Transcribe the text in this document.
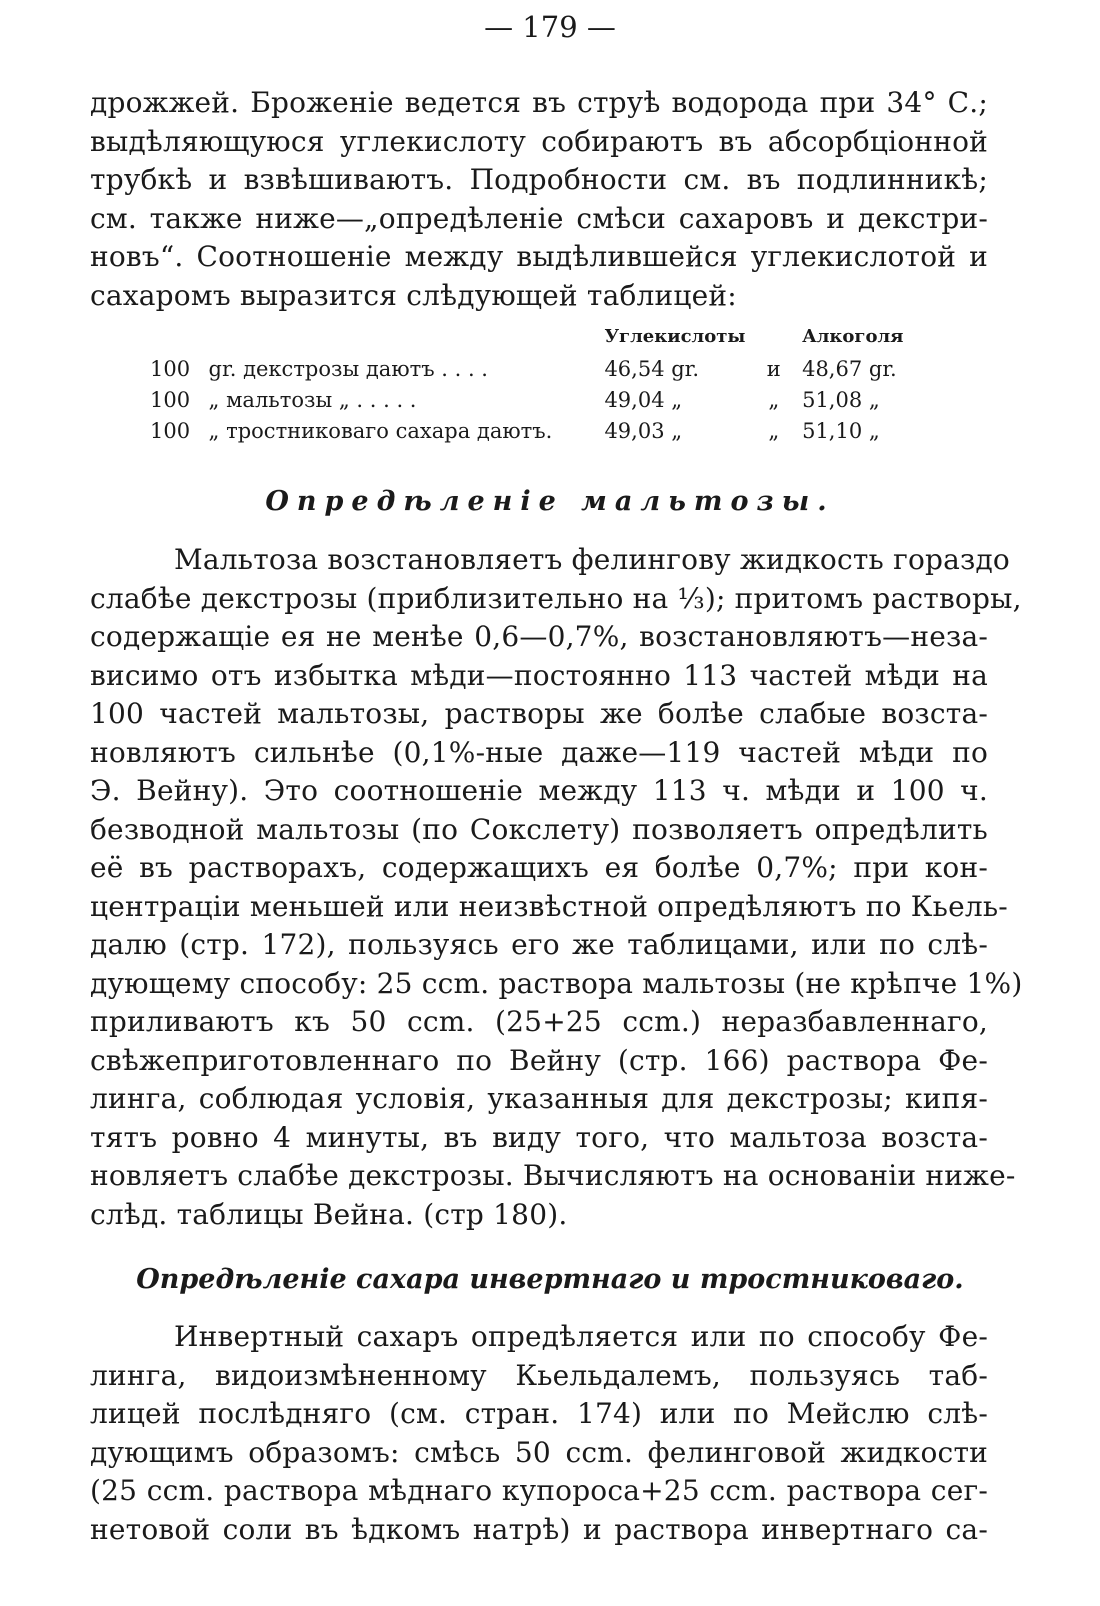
— 179 —
дрожжей. Броженіе ведется въ струѣ водорода при 34° С.;
выдѣляющуюся углекислоту собираютъ въ абсорбціонной
трубкѣ и взвѣшиваютъ. Подробности см. въ подлинникѣ;
см. также ниже—„опредѣленіе смѣси сахаровъ и декстри-
новъ“. Соотношеніе между выдѣлившейся углекислотой и
сахаромъ выразится слѣдующей таблицей:
		Углекислоты		Алкоголя
100	gr. декстрозы даютъ . . . .	46,54 gr.	и	48,67 gr.
100	„ мальтозы „ . . . . .	49,04 „	„	51,08 „
100	„ тростниковаго сахара даютъ.	49,03 „	„	51,10 „
Опредѣленіе мальтозы.
Мальтоза возстановляетъ фелингову жидкость гораздо
слабѣе декстрозы (приблизительно на ⅓); притомъ растворы,
содержащіе ея не менѣе 0,6—0,7%, возстановляютъ—неза-
висимо отъ избытка мѣди—постоянно 113 частей мѣди на
100 частей мальтозы, растворы же болѣе слабые возста-
новляютъ сильнѣе (0,1%-ные даже—119 частей мѣди по
Э. Вейну). Это соотношеніе между 113 ч. мѣди и 100 ч.
безводной мальтозы (по Сокслету) позволяетъ опредѣлить
её въ растворахъ, содержащихъ ея болѣе 0,7%; при кон-
центраціи меньшей или неизвѣстной опредѣляютъ по Кьель-
далю (стр. 172), пользуясь его же таблицами, или по слѣ-
дующему способу: 25 ccm. раствора мальтозы (не крѣпче 1%)
приливаютъ къ 50 ccm. (25+25 ccm.) неразбавленнаго,
свѣжеприготовленнаго по Вейну (стр. 166) раствора Фе-
линга, соблюдая условія, указанныя для декстрозы; кипя-
тятъ ровно 4 минуты, въ виду того, что мальтоза возста-
новляетъ слабѣе декстрозы. Вычисляютъ на основаніи ниже-
слѣд. таблицы Вейна. (стр 180).
Опредѣленіе сахара инвертнаго и тростниковаго.
Инвертный сахаръ опредѣляется или по способу Фе-
линга, видоизмѣненному Кьельдалемъ, пользуясь таб-
лицей послѣдняго (см. стран. 174) или по Мейслю слѣ-
дующимъ образомъ: смѣсь 50 ccm. фелинговой жидкости
(25 ccm. раствора мѣднаго купороса+25 ccm. раствора сег-
нетовой соли въ ѣдкомъ натрѣ) и раствора инвертнаго са-
